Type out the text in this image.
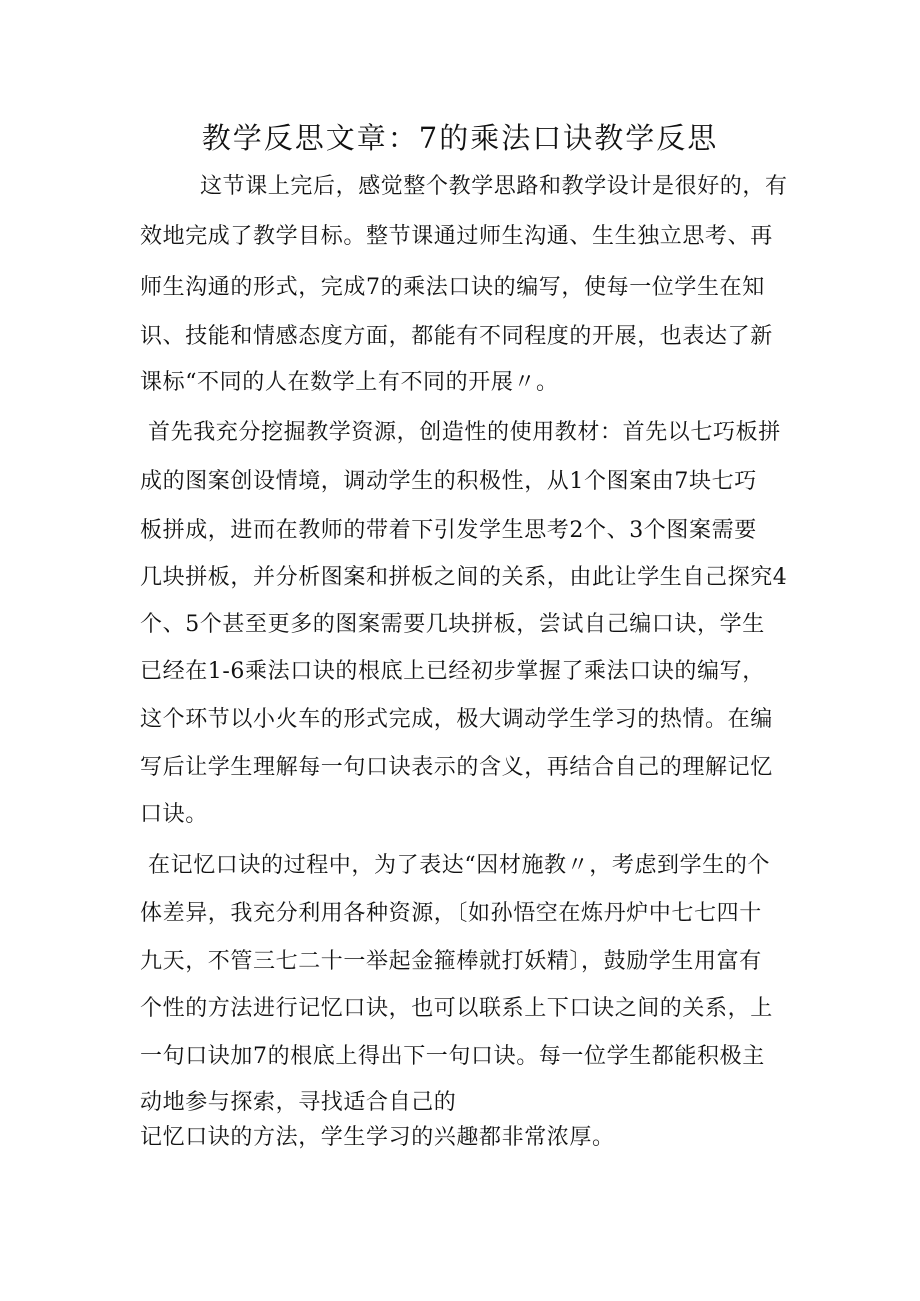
教学反思文章：7的乘法口诀教学反思
这节课上完后，感觉整个教学思路和教学设计是很好的，有
效地完成了教学目标。整节课通过师生沟通、生生独立思考、再
师生沟通的形式，完成7的乘法口诀的编写，使每一位学生在知
识、技能和情感态度方面，都能有不同程度的开展，也表达了新
课标“不同的人在数学上有不同的开展〃。
首先我充分挖掘教学资源，创造性的使用教材：首先以七巧板拼
成的图案创设情境，调动学生的积极性，从1个图案由7块七巧
板拼成，进而在教师的带着下引发学生思考2个、3个图案需要
几块拼板，并分析图案和拼板之间的关系，由此让学生自己探究4
个、5个甚至更多的图案需要几块拼板，尝试自己编口诀，学生
已经在1-6乘法口诀的根底上已经初步掌握了乘法口诀的编写，
这个环节以小火车的形式完成，极大调动学生学习的热情。在编
写后让学生理解每一句口诀表示的含义，再结合自己的理解记忆
口诀。
在记忆口诀的过程中，为了表达“因材施教〃，考虑到学生的个
体差异，我充分利用各种资源，〔如孙悟空在炼丹炉中七七四十
九天，不管三七二十一举起金箍棒就打妖精〕，鼓励学生用富有
个性的方法进行记忆口诀，也可以联系上下口诀之间的关系，上
一句口诀加7的根底上得出下一句口诀。每一位学生都能积极主
动地参与探索，寻找适合自己的
记忆口诀的方法，学生学习的兴趣都非常浓厚。
